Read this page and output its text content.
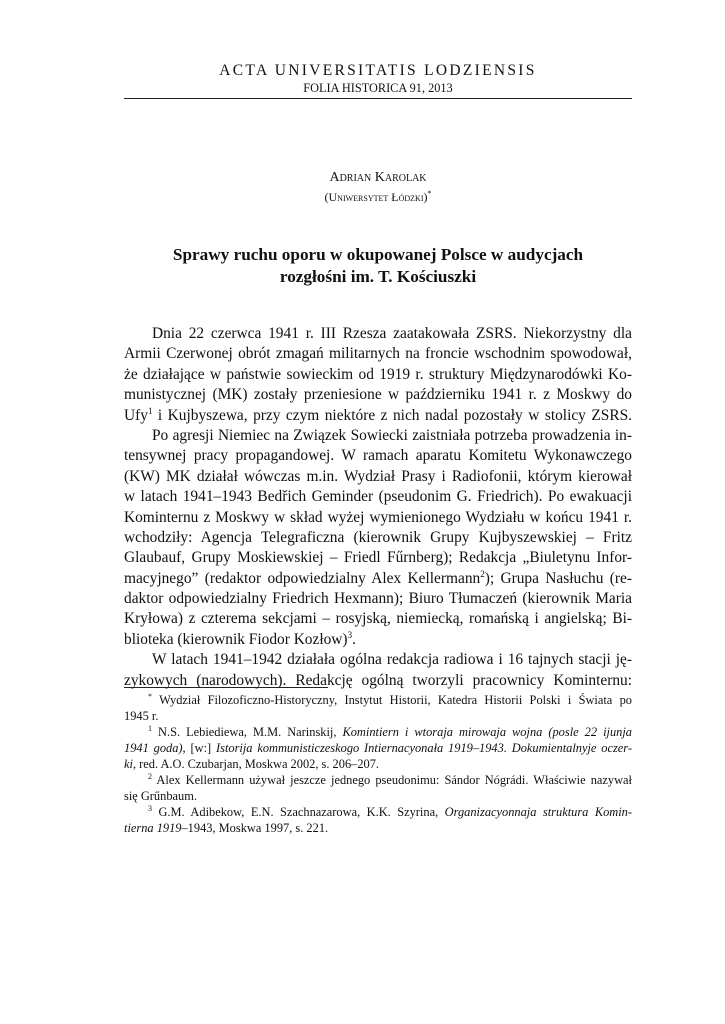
ACTA UNIVERSITATIS LODZIENSIS
FOLIA HISTORICA 91, 2013
Adrian Karolak
(Uniwersytet Łódzki)*
Sprawy ruchu oporu w okupowanej Polsce w audycjach
rozgłośni im. T. Kościuszki
Dnia 22 czerwca 1941 r. III Rzesza zaatakowała ZSRS. Niekorzystny dla
Armii Czerwonej obrót zmagań militarnych na froncie wschodnim spowodował,
że działające w państwie sowieckim od 1919 r. struktury Międzynarodówki Ko-
munistycznej (MK) zostały przeniesione w październiku 1941 r. z Moskwy do
Ufy$^1$ i Kujbyszewa, przy czym niektóre z nich nadal pozostały w stolicy ZSRS.
Po agresji Niemiec na Związek Sowiecki zaistniała potrzeba prowadzenia in-
tensywnej pracy propagandowej. W ramach aparatu Komitetu Wykonawczego
(KW) MK działał wówczas m.in. Wydział Prasy i Radiofonii, którym kierował
w latach 1941–1943 Bedřich Geminder (pseudonim G. Friedrich). Po ewakuacji
Kominternu z Moskwy w skład wyżej wymienionego Wydziału w końcu 1941 r.
wchodziły: Agencja Telegraficzna (kierownik Grupy Kujbyszewskiej – Fritz
Glaubauf, Grupy Moskiewskiej – Friedl Fűrnberg); Redakcja „Biuletynu Infor-
macyjnego” (redaktor odpowiedzialny Alex Kellermann$^2$); Grupa Nasłuchu (re-
daktor odpowiedzialny Friedrich Hexmann); Biuro Tłumaczeń (kierownik Maria
Kryłowa) z czterema sekcjami – rosyjską, niemiecką, romańską i angielską; Bi-
blioteka (kierownik Fiodor Kozłow)$^3$.
W latach 1941–1942 działała ogólna redakcja radiowa i 16 tajnych stacji ję-
zykowych (narodowych). Redakcję ogólną tworzyli pracownicy Kominternu:
* Wydział Filozoficzno-Historyczny, Instytut Historii, Katedra Historii Polski i Świata po
1945 r.
$^1$ N.S. Lebiediewa, M.M. Narinskij, Komintiern i wtoraja mirowaja wojna (posle 22 ijunja
1941 goda), [w:] Istorija kommunisticzeskogo Intiernacyonała 1919–1943. Dokumientalnyje oczer-
ki, red. A.O. Czubarjan, Moskwa 2002, s. 206–207.
$^2$ Alex Kellermann używał jeszcze jednego pseudonimu: Sándor Nógrádi. Właściwie nazywał
się Grűnbaum.
$^3$ G.M. Adibekow, E.N. Szachnazarowa, K.K. Szyrina, Organizacyonnaja struktura Komin-
tierna 1919–1943, Moskwa 1997, s. 221.
